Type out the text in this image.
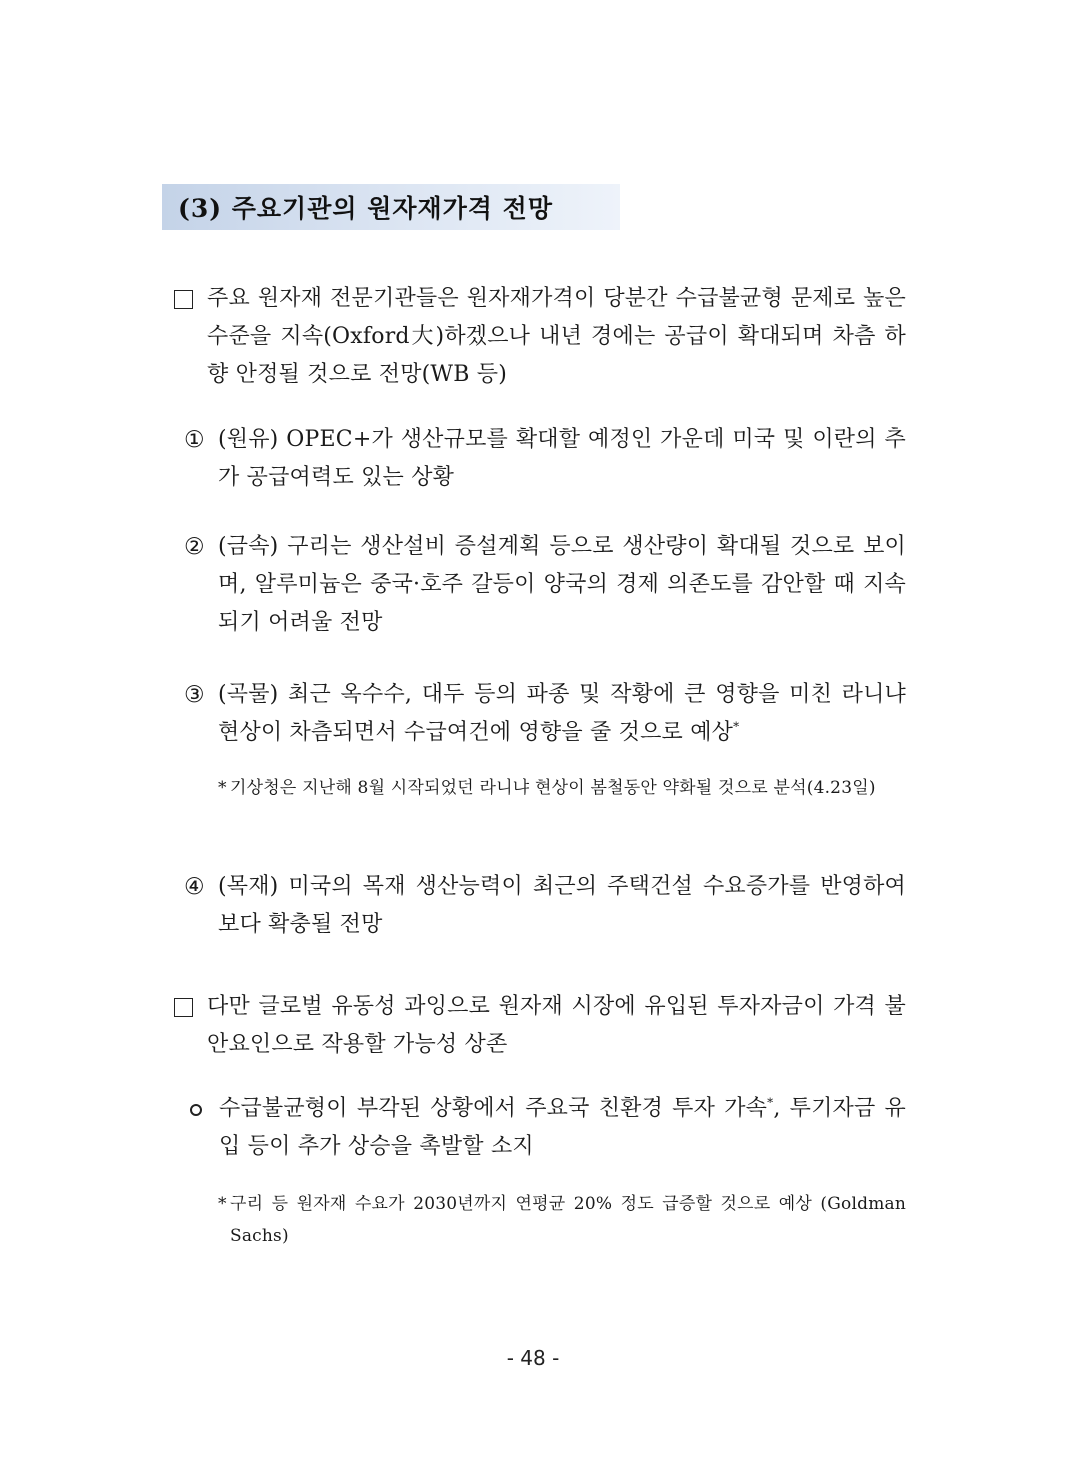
(3) 주요기관의 원자재가격 전망
주요 원자재 전문기관들은 원자재가격이 당분간 수급불균형 문제로 높은 수준을 지속(Oxford大)하겠으나 내년 경에는 공급이 확대되며 차츰 하향 안정될 것으로 전망(WB 등)
① (원유) OPEC+가 생산규모를 확대할 예정인 가운데 미국 및 이란의 추가 공급여력도 있는 상황
② (금속) 구리는 생산설비 증설계획 등으로 생산량이 확대될 것으로 보이며, 알루미늄은 중국·호주 갈등이 양국의 경제 의존도를 감안할 때 지속되기 어려울 전망
③ (곡물) 최근 옥수수, 대두 등의 파종 및 작황에 큰 영향을 미친 라니냐 현상이 차츰되면서 수급여건에 영향을 줄 것으로 예상*
* 기상청은 지난해 8월 시작되었던 라니냐 현상이 봄철동안 약화될 것으로 분석(4.23일)
④ (목재) 미국의 목재 생산능력이 최근의 주택건설 수요증가를 반영하여 보다 확충될 전망
다만 글로벌 유동성 과잉으로 원자재 시장에 유입된 투자자금이 가격 불안요인으로 작용할 가능성 상존
수급불균형이 부각된 상황에서 주요국 친환경 투자 가속*, 투기자금 유입 등이 추가 상승을 촉발할 소지
* 구리 등 원자재 수요가 2030년까지 연평균 20% 정도 급증할 것으로 예상 (Goldman Sachs)
- 48 -
